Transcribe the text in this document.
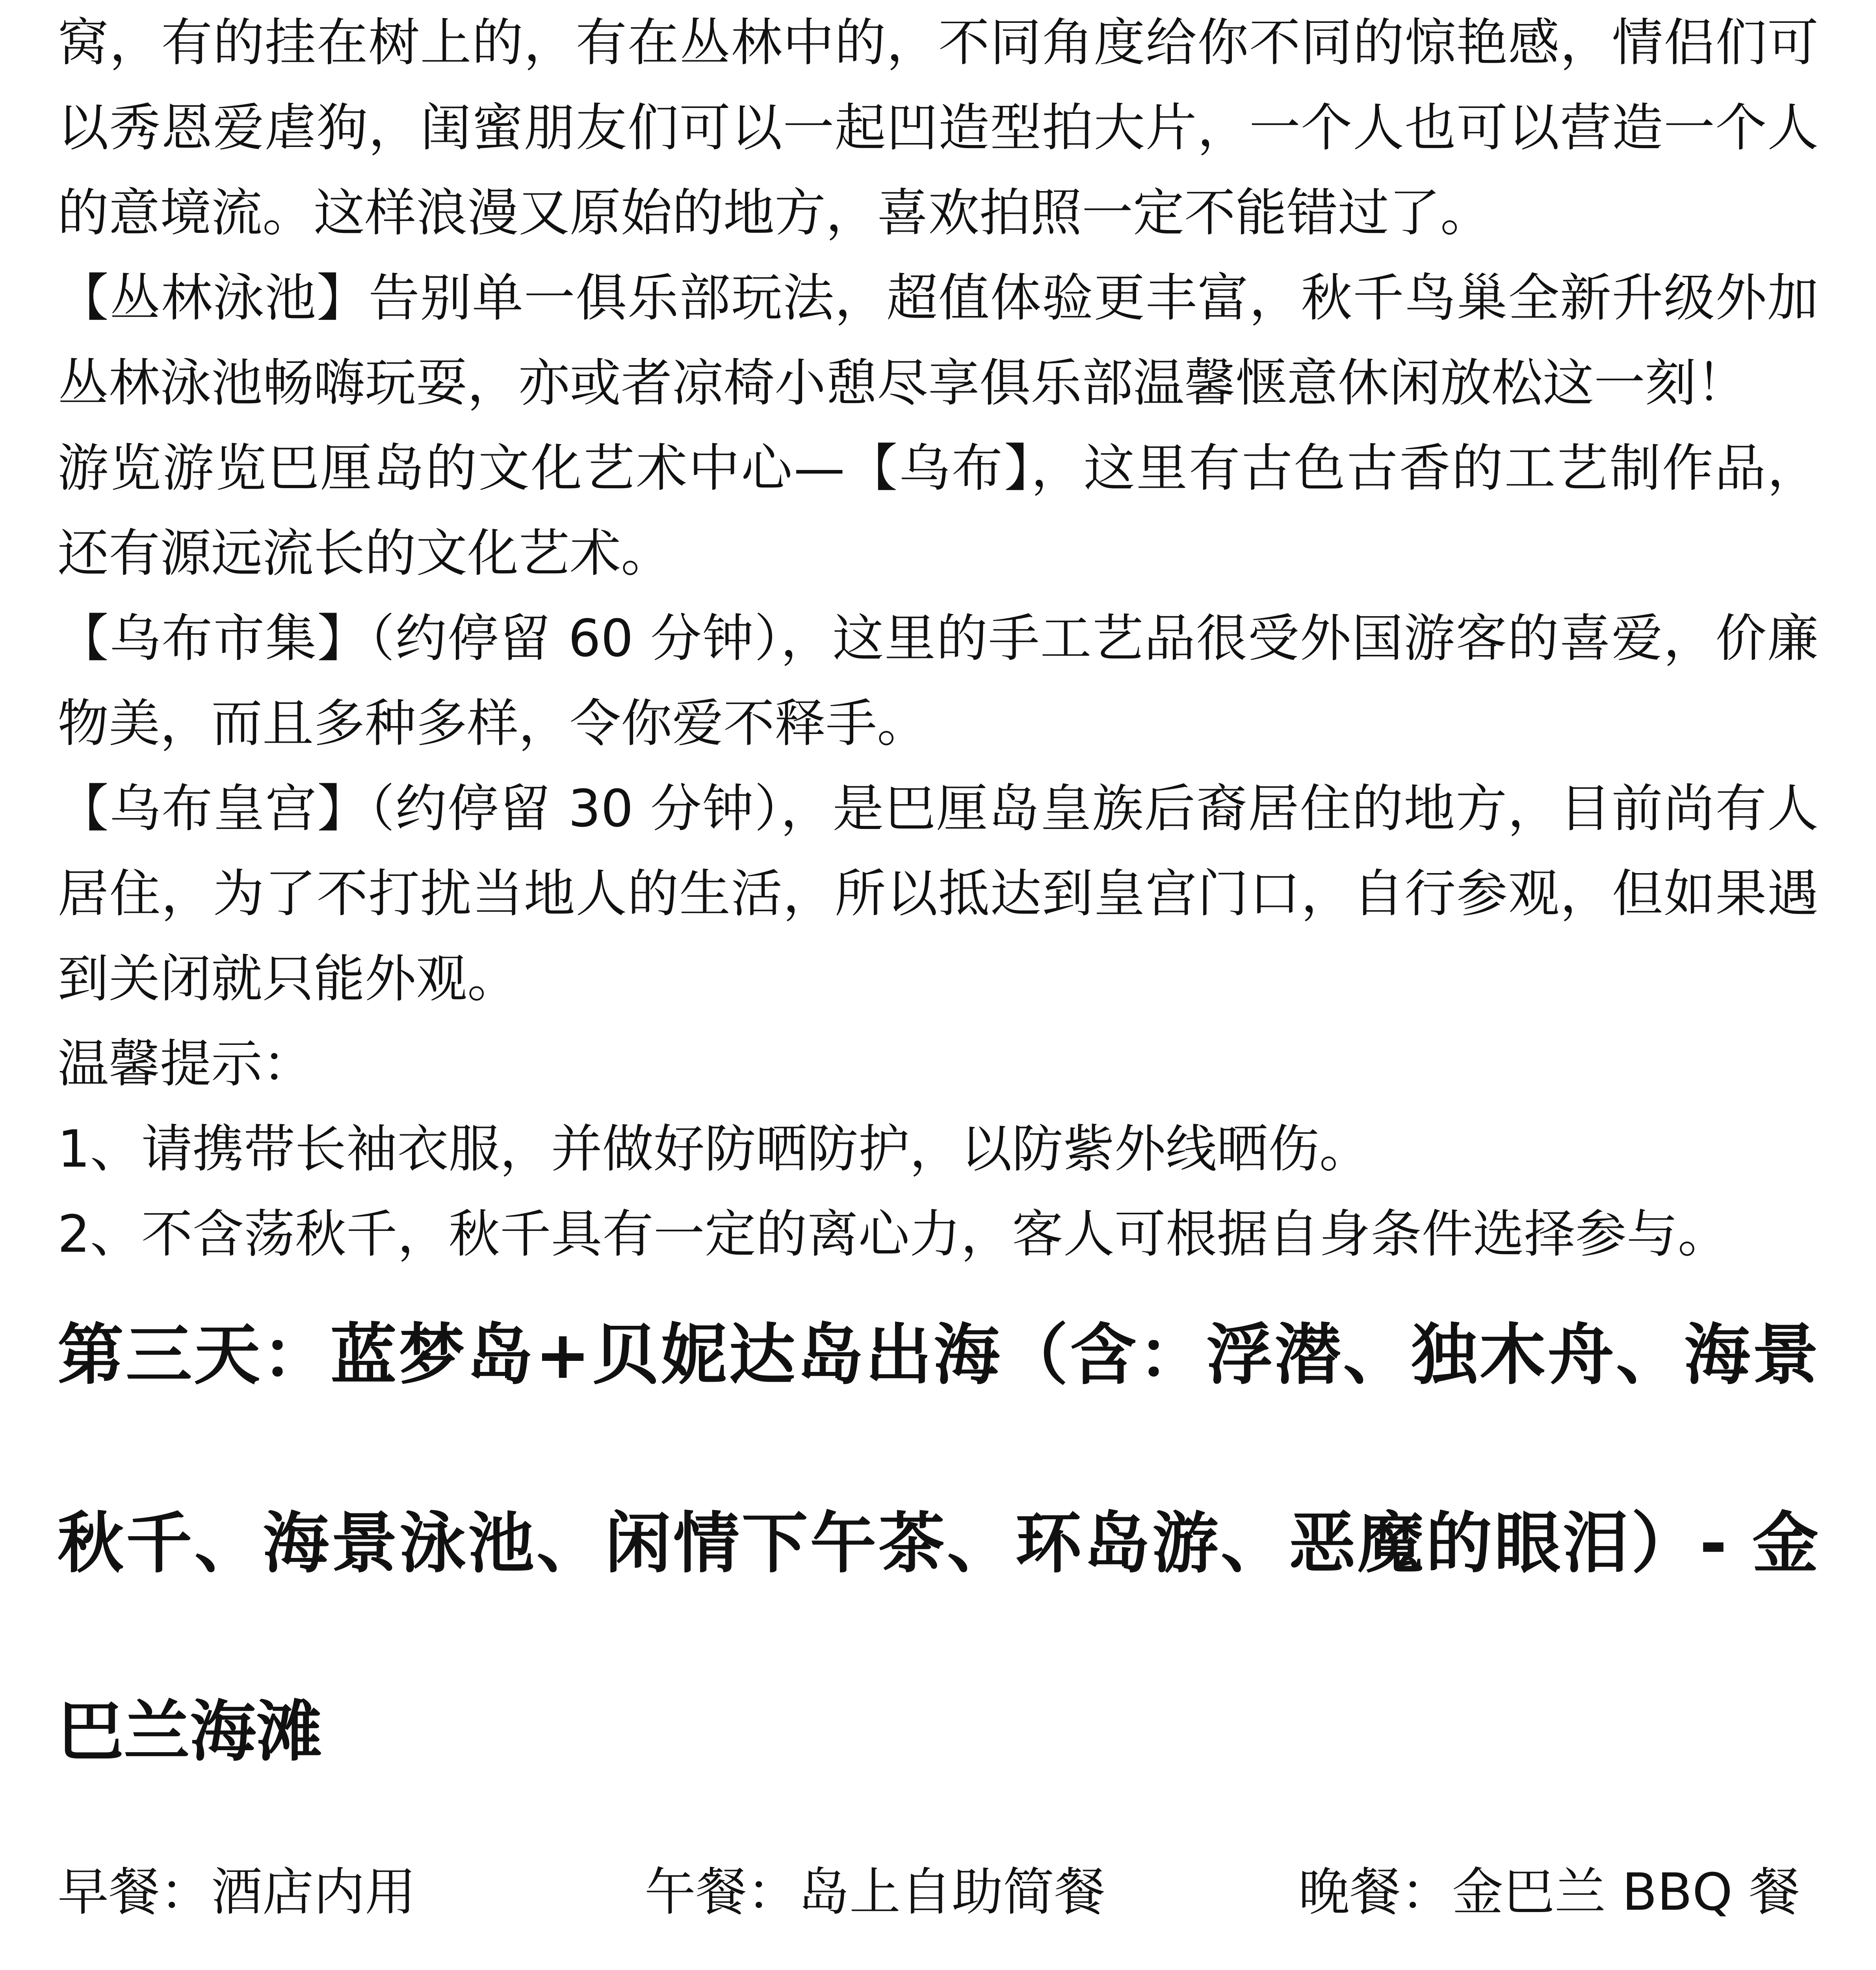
窝，有的挂在树上的，有在丛林中的，不同角度给你不同的惊艳感，情侣们可以秀恩爱虐狗，闺蜜朋友们可以一起凹造型拍大片，一个人也可以营造一个人的意境流。这样浪漫又原始的地方，喜欢拍照一定不能错过了。

【丛林泳池】告别单一俱乐部玩法，超值体验更丰富，秋千鸟巢全新升级外加丛林泳池畅嗨玩耍，亦或者凉椅小憩尽享俱乐部温馨惬意休闲放松这一刻！

游览游览巴厘岛的文化艺术中心—【乌布】，这里有古色古香的工艺制作品，还有源远流长的文化艺术。

【乌布市集】（约停留 60 分钟），这里的手工艺品很受外国游客的喜爱，价廉物美，而且多种多样，令你爱不释手。

【乌布皇宫】（约停留 30 分钟），是巴厘岛皇族后裔居住的地方，目前尚有人居住，为了不打扰当地人的生活，所以抵达到皇宫门口，自行参观，但如果遇到关闭就只能外观。

温馨提示：

1、请携带长袖衣服，并做好防晒防护，以防紫外线晒伤。

2、不含荡秋千，秋千具有一定的离心力，客人可根据自身条件选择参与。

第三天：蓝梦岛+贝妮达岛出海（含：浮潜、独木舟、海景秋千、海景泳池、闲情下午茶、环岛游、恶魔的眼泪）- 金巴兰海滩
早餐：酒店内用	午餐：岛上自助简餐	晚餐：金巴兰 BBQ 餐
